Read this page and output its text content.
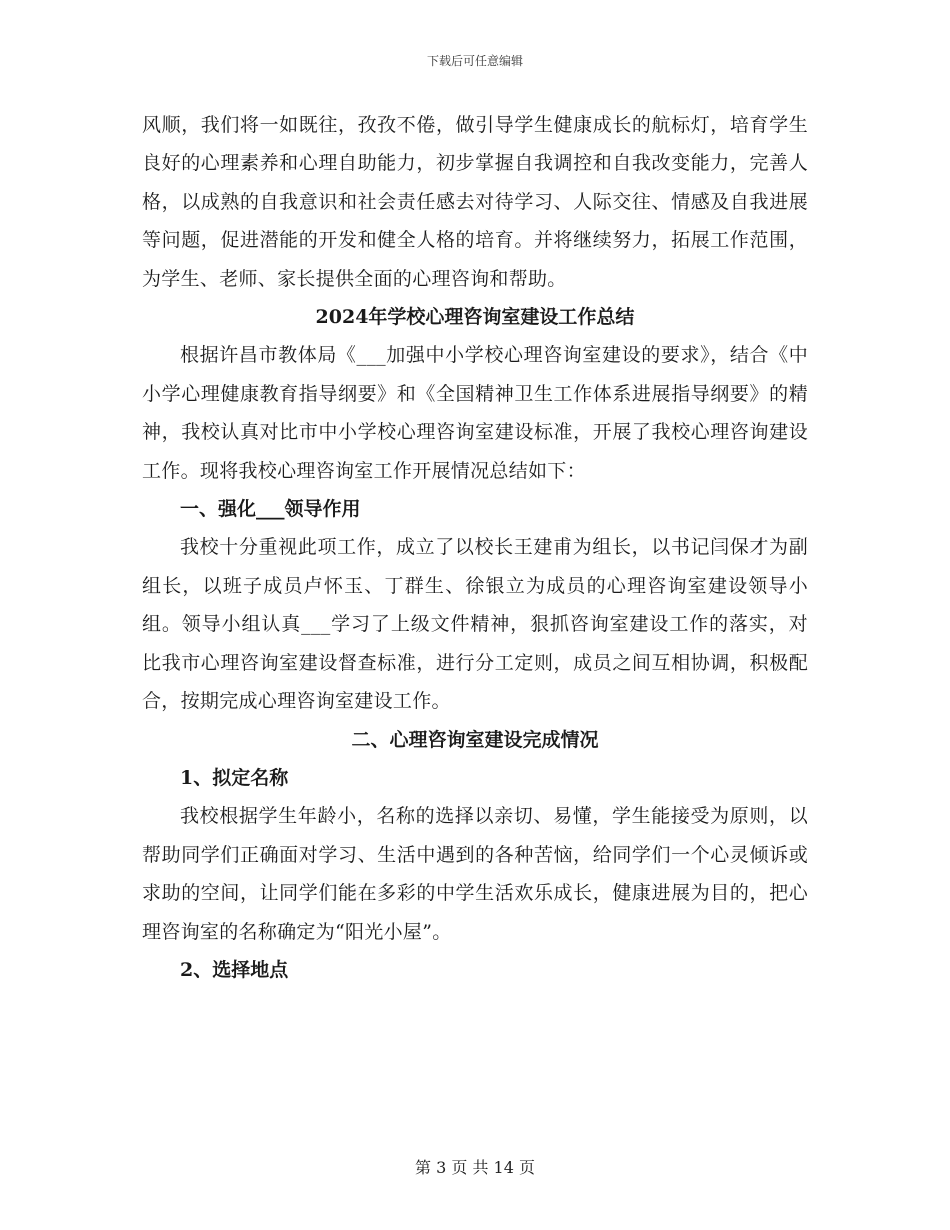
下载后可任意编辑

风顺，我们将一如既往，孜孜不倦，做引导学生健康成长的航标灯，培育学生良好的心理素养和心理自助能力，初步掌握自我调控和自我改变能力，完善人格，以成熟的自我意识和社会责任感去对待学习、人际交往、情感及自我进展等问题，促进潜能的开发和健全人格的培育。并将继续努力，拓展工作范围，为学生、老师、家长提供全面的心理咨询和帮助。

2024年学校心理咨询室建设工作总结

根据许昌市教体局《___加强中小学校心理咨询室建设的要求》，结合《中小学心理健康教育指导纲要》和《全国精神卫生工作体系进展指导纲要》的精神，我校认真对比市中小学校心理咨询室建设标准，开展了我校心理咨询建设工作。现将我校心理咨询室工作开展情况总结如下：

一、强化___领导作用

我校十分重视此项工作，成立了以校长王建甫为组长，以书记闫保才为副组长，以班子成员卢怀玉、丁群生、徐银立为成员的心理咨询室建设领导小组。领导小组认真___学习了上级文件精神，狠抓咨询室建设工作的落实，对比我市心理咨询室建设督查标准，进行分工定则，成员之间互相协调，积极配合，按期完成心理咨询室建设工作。

二、心理咨询室建设完成情况

1、拟定名称

我校根据学生年龄小，名称的选择以亲切、易懂，学生能接受为原则，以帮助同学们正确面对学习、生活中遇到的各种苦恼，给同学们一个心灵倾诉或求助的空间，让同学们能在多彩的中学生活欢乐成长，健康进展为目的，把心理咨询室的名称确定为“阳光小屋”。

2、选择地点

第 3 页 共 14 页
